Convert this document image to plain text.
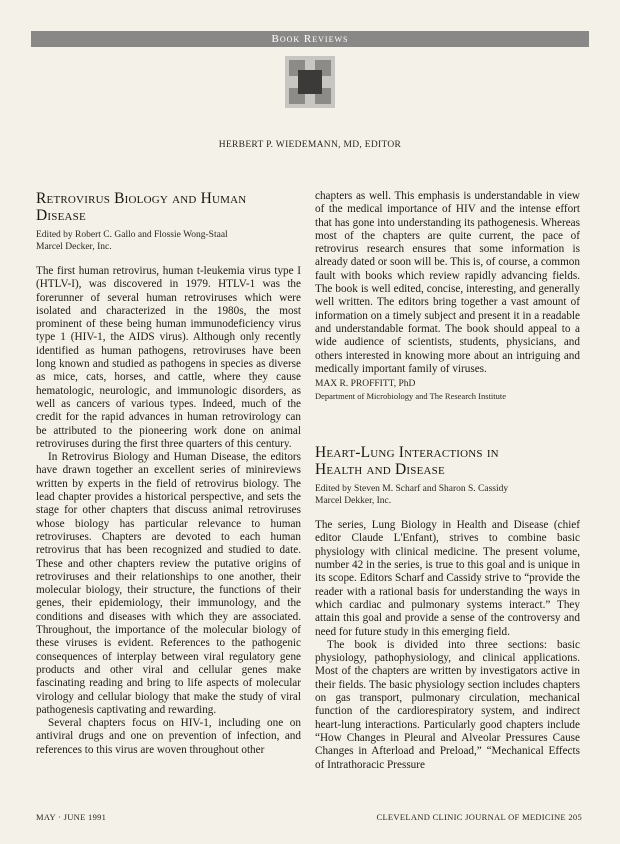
Book Reviews
HERBERT P. WIEDEMANN, MD, EDITOR
Retrovirus Biology and Human
Disease

Edited by Robert C. Gallo and Flossie Wong-Staal

Marcel Decker, Inc.

The first human retrovirus, human t-leukemia virus type I (HTLV-I), was discovered in 1979. HTLV-1 was the forerunner of several human retroviruses which were isolated and characterized in the 1980s, the most prominent of these being human immunodeficiency virus type 1 (HIV-1, the AIDS virus). Although only recently identified as human pathogens, retroviruses have been long known and studied as pathogens in species as diverse as mice, cats, horses, and cattle, where they cause hematologic, neurologic, and immunologic disorders, as well as cancers of various types. Indeed, much of the credit for the rapid advances in human retrovirology can be attributed to the pioneering work done on animal retroviruses during the first three quarters of this century.

In Retrovirus Biology and Human Disease, the editors have drawn together an excellent series of minireviews written by experts in the field of retrovirus biology. The lead chapter provides a historical perspective, and sets the stage for other chapters that discuss animal retroviruses whose biology has particular relevance to human retroviruses. Chapters are devoted to each human retrovirus that has been recognized and studied to date. These and other chapters review the putative origins of retroviruses and their relationships to one another, their molecular biology, their structure, the functions of their genes, their epidemiology, their immunology, and the conditions and diseases with which they are associated. Throughout, the importance of the molecular biology of these viruses is evident. References to the pathogenic consequences of interplay between viral regulatory gene products and other viral and cellular genes make fascinating reading and bring to life aspects of molecular virology and cellular biology that make the study of viral pathogenesis captivating and rewarding.

Several chapters focus on HIV-1, including one on antiviral drugs and one on prevention of infection, and references to this virus are woven throughout other

chapters as well. This emphasis is understandable in view of the medical importance of HIV and the intense effort that has gone into understanding its pathogenesis. Whereas most of the chapters are quite current, the pace of retrovirus research ensures that some information is already dated or soon will be. This is, of course, a common fault with books which review rapidly advancing fields. The book is well edited, concise, interesting, and generally well written. The editors bring together a vast amount of information on a timely subject and present it in a readable and understandable format. The book should appeal to a wide audience of scientists, students, physicians, and others interested in knowing more about an intriguing and medically important family of viruses.

MAX R. PROFFITT, PhD
Department of Microbiology and The Research Institute
Heart-Lung Interactions in
Health and Disease

Edited by Steven M. Scharf and Sharon S. Cassidy

Marcel Dekker, Inc.

The series, Lung Biology in Health and Disease (chief editor Claude L'Enfant), strives to combine basic physiology with clinical medicine. The present volume, number 42 in the series, is true to this goal and is unique in its scope. Editors Scharf and Cassidy strive to “provide the reader with a rational basis for understanding the ways in which cardiac and pulmonary systems interact.” They attain this goal and provide a sense of the controversy and need for future study in this emerging field.

The book is divided into three sections: basic physiology, pathophysiology, and clinical applications. Most of the chapters are written by investigators active in their fields. The basic physiology section includes chapters on gas transport, pulmonary circulation, mechanical function of the cardiorespiratory system, and indirect heart-lung interactions. Particularly good chapters include “How Changes in Pleural and Alveolar Pressures Cause Changes in Afterload and Preload,” “Mechanical Effects of Intrathoracic Pressure

MAY · JUNE 1991	CLEVELAND CLINIC JOURNAL OF MEDICINE 205
